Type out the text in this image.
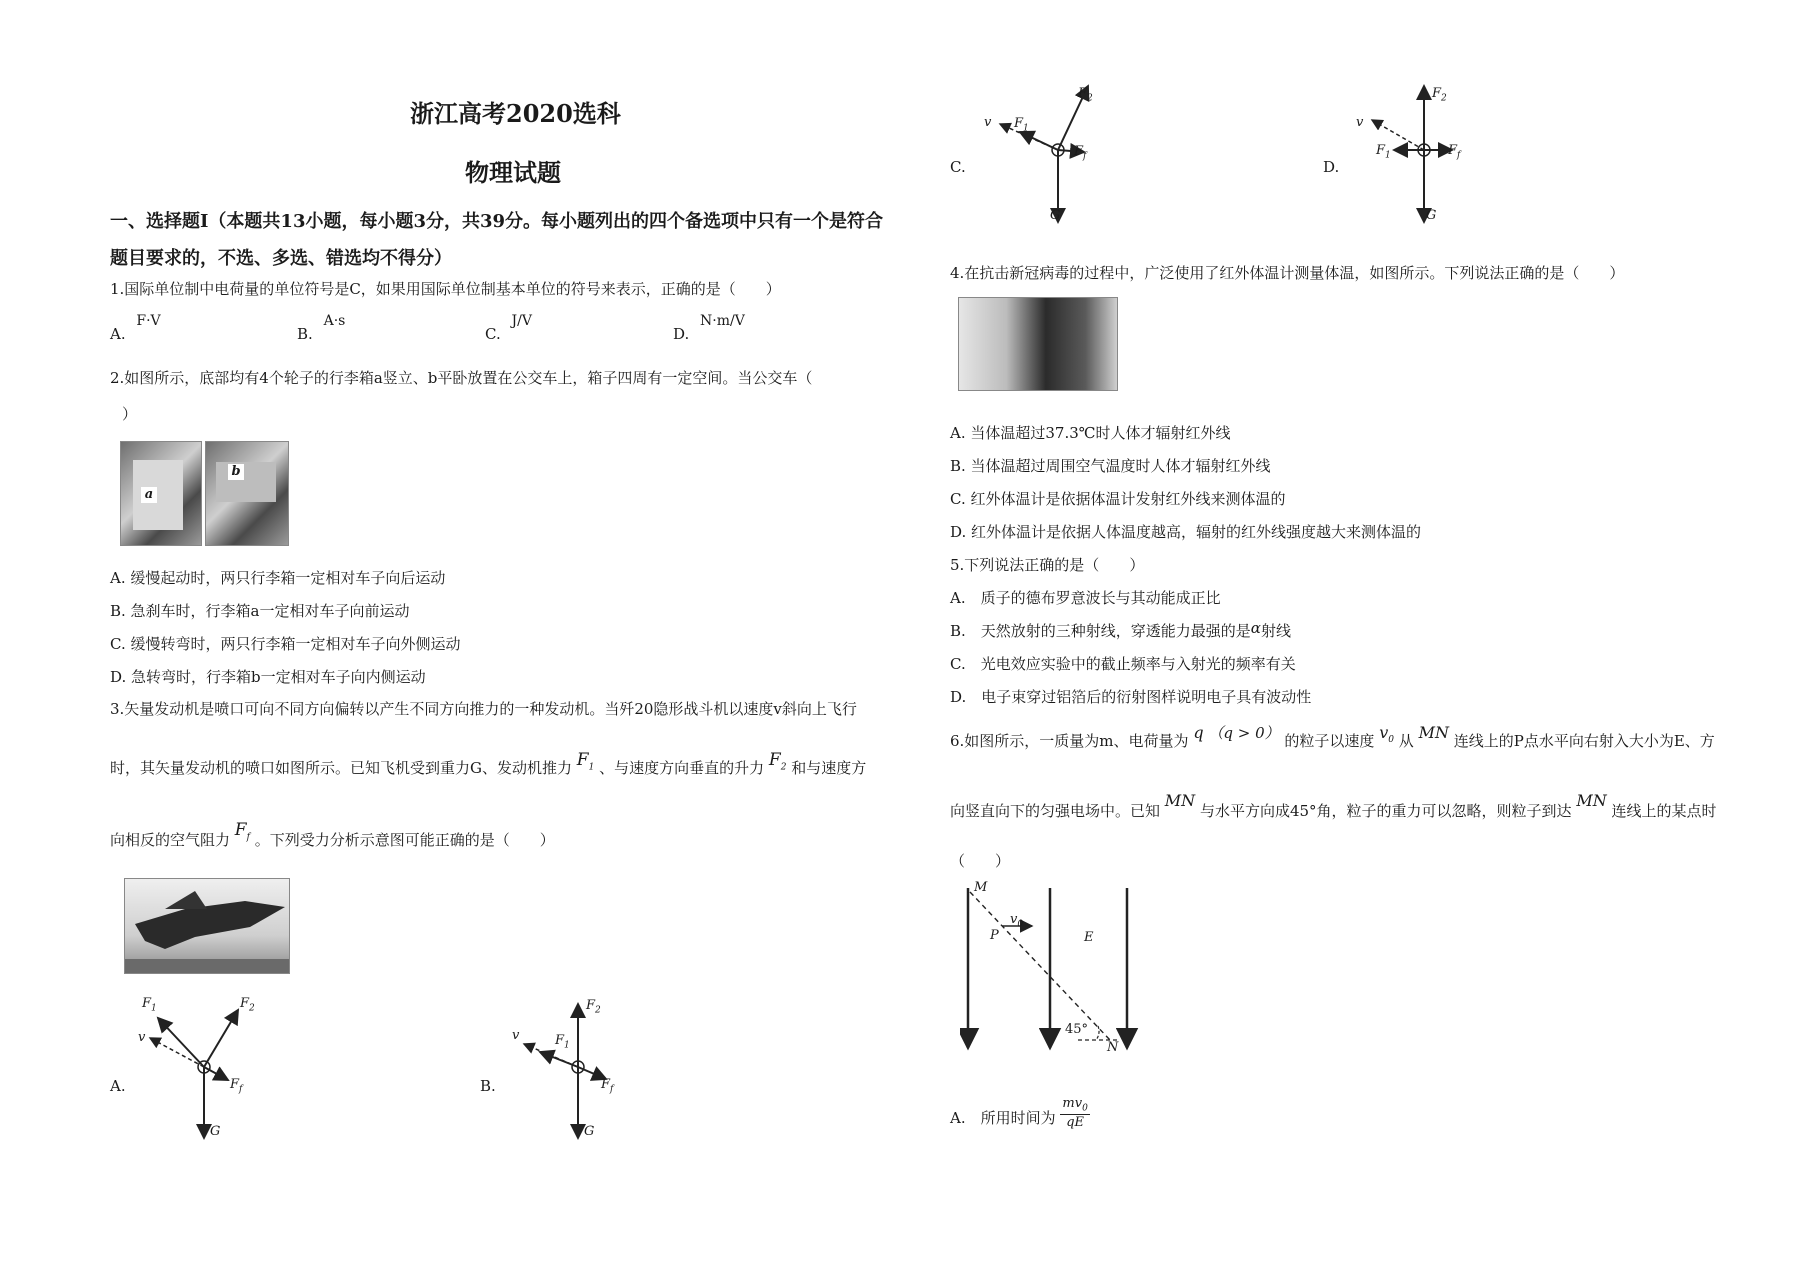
浙江高考2020选科
物理试题
一、选择题I（本题共13小题，每小题3分，共39分。每小题列出的四个备选项中只有一个是符合
题目要求的，不选、多选、错选均不得分）
1.国际单位制中电荷量的单位符号是C，如果用国际单位制基本单位的符号来表示，正确的是（　　）
A. F·V
B. A·s
C. J/V
D. N·m/V
2.如图所示，底部均有4个轮子的行李箱a竖立、b平卧放置在公交车上，箱子四周有一定空间。当公交车（
）
a
b
A. 缓慢起动时，两只行李箱一定相对车子向后运动
B. 急刹车时，行李箱a一定相对车子向前运动
C. 缓慢转弯时，两只行李箱一定相对车子向外侧运动
D. 急转弯时，行李箱b一定相对车子向内侧运动
3.矢量发动机是喷口可向不同方向偏转以产生不同方向推力的一种发动机。当歼20隐形战斗机以速度v斜向上飞行
时，其矢量发动机的喷口如图所示。已知飞机受到重力G、发动机推力 $F_1$ 、与速度方向垂直的升力 $F_2$ 和与速度方
向相反的空气阻力 $F_f$ 。下列受力分析示意图可能正确的是（　　）
A.
$F_1$	$F_2$
v
$F_f$
G
B.
$F_2$
$F_1$
v
$F_f$
G
C.
$F_2$
$F_1$
v
$F_f$
G
D.
$F_2$
$F_1$
v
$F_f$
G
4.在抗击新冠病毒的过程中，广泛使用了红外体温计测量体温，如图所示。下列说法正确的是（　　）
A. 当体温超过37.3℃时人体才辐射红外线
B. 当体温超过周围空气温度时人体才辐射红外线
C. 红外体温计是依据体温计发射红外线来测体温的
D. 红外体温计是依据人体温度越高，辐射的红外线强度越大来测体温的
5.下列说法正确的是（　　）
A.　质子的德布罗意波长与其动能成正比
B.　天然放射的三种射线，穿透能力最强的是α射线
C.　光电效应实验中的截止频率与入射光的频率有关
D.　电子束穿过铝箔后的衍射图样说明电子具有波动性
6.如图所示，一质量为m、电荷量为 q （q > 0） 的粒子以速度 $v_0$ 从 MN 连线上的P点水平向右射入大小为E、方
向竖直向下的匀强电场中。已知 MN 与水平方向成45°角，粒子的重力可以忽略，则粒子到达 MN 连线上的某点时
（　　）
M
P
$v_0$
E
45°
N
A.　所用时间为 $\frac{mv_0}{qE}$
